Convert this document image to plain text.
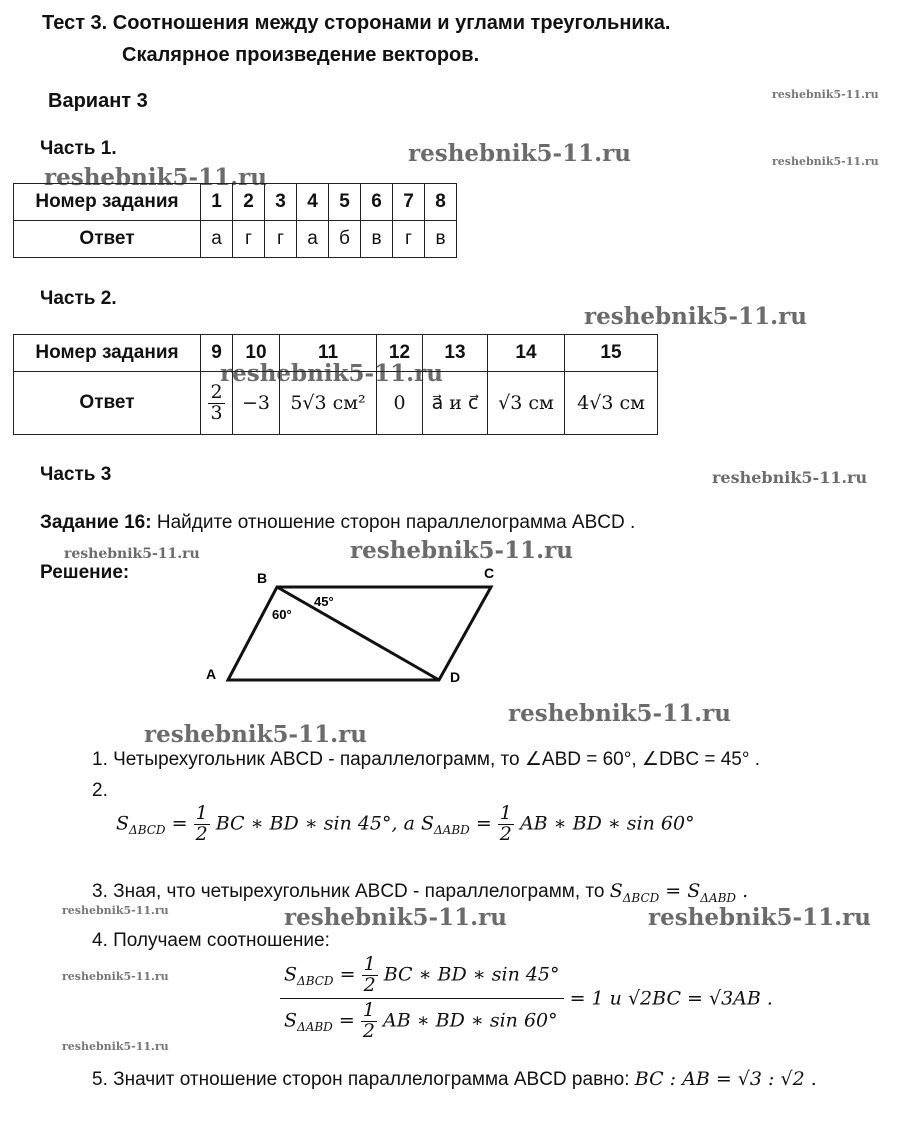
Тест 3. Соотношения между сторонами и углами треугольника.
Скалярное произведение векторов.
Вариант 3	reshebnik5-11.ru
reshebnik5-11.ru
reshebnik5-11.ru
reshebnik5-11.ru
reshebnik5-11.ru
reshebnik5-11.ru
reshebnik5-11.ru
reshebnik5-11.ru
reshebnik5-11.ru
reshebnik5-11.ru
reshebnik5-11.ru
reshebnik5-11.ru	reshebnik5-11.ru	reshebnik5-11.ru
reshebnik5-11.ru
reshebnik5-11.ru
Часть 1.
Номер задания	1	2	3	4	5	6	7	8
Ответ	а	г	г	а	б	в	г	в
Часть 2.
Номер задания	9	10	11	12	13	14	15
Ответ	$\frac{2}{3}$	−3	5√3 см²	0	a⃗ и c⃗	√3 см	4√3 см
Часть 3
Задание 16: Найдите отношение сторон параллелограмма ABCD .
Решение:
A
B	C
D
60°
45°
1. Четырехугольник ABCD - параллелограмм, то ∠ABD = 60°, ∠DBC = 45° .
2.
$S_{\Delta BCD} = \frac{1}{2}$ BC ∗ BD ∗ sin 45°, а $S_{\Delta ABD} = \frac{1}{2}$ AB ∗ BD ∗ sin 60°
3. Зная, что четырехугольник ABCD - параллелограмм, то $S_{\Delta BCD} = S_{\Delta ABD}$ .
4. Получаем соотношение:
$S_{\Delta BCD} = \frac{1}{2}$ BC ∗ BD ∗ sin 45°
$S_{\Delta ABD} = \frac{1}{2}$ AB ∗ BD ∗ sin 60°
= 1 и √2BC = √3AB .
5. Значит отношение сторон параллелограмма ABCD равно: BC : AB = √3 : √2 .
